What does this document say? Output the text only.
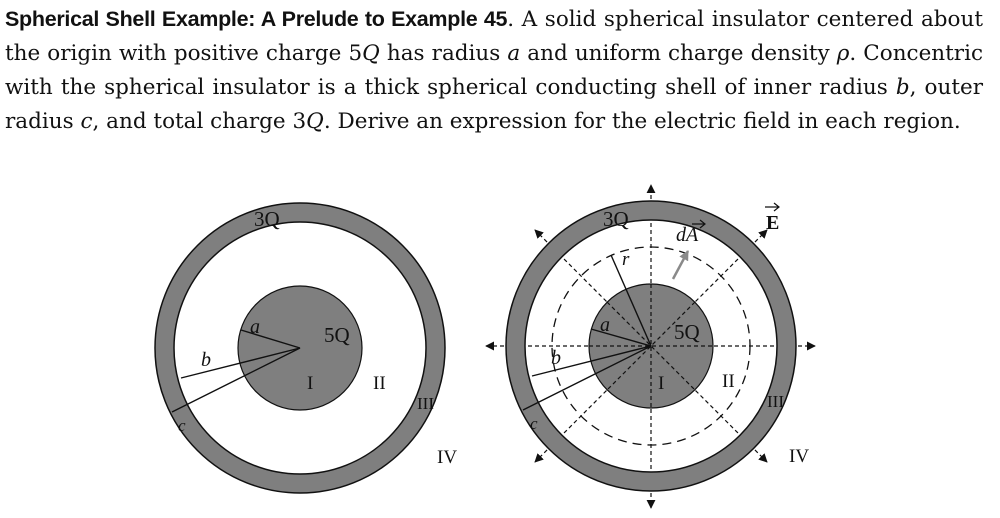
Spherical Shell Example: A Prelude to Example 45. A solid spherical insulator centered about the origin with positive charge 5Q has radius a and uniform charge density ρ. Concentric with the spherical insulator is a thick spherical conducting shell of inner radius b, outer radius c, and total charge 3Q. Derive an expression for the electric field in each region.

3Q
a	5Q
b
I	II
III
c
IV
3Q
r
dA
E
a	5Q
b
I	II
III
c
IV
